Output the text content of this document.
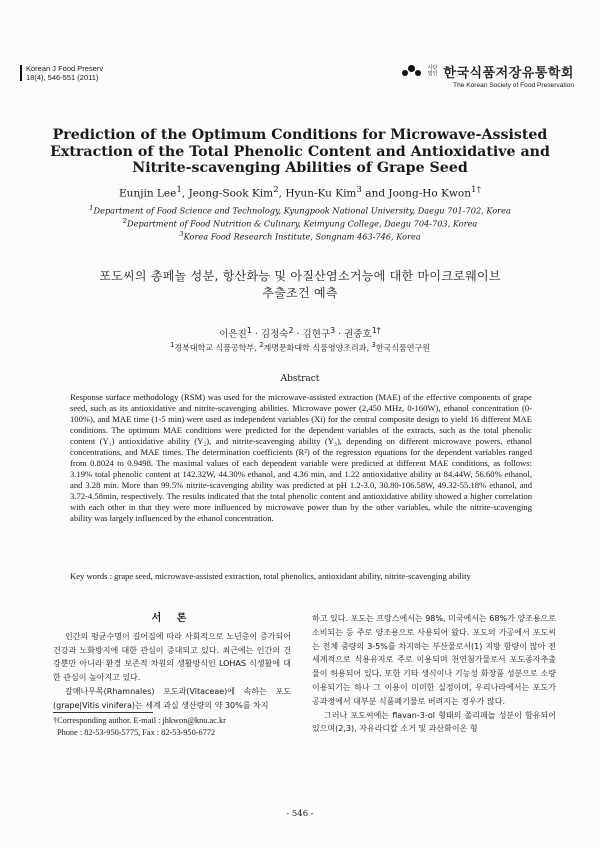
Korean J Food Preserv
18(4), 546-551 (2011)
사단
법인 한국식품저장유통학회
The Korean Society of Food Preservation
Prediction of the Optimum Conditions for Microwave-Assisted Extraction of the Total Phenolic Content and Antioxidative and Nitrite-scavenging Abilities of Grape Seed
Eunjin Lee$^1$, Jeong-Sook Kim$^2$, Hyun-Ku Kim$^3$ and Joong-Ho Kwon$^{1\dagger}$
$^1$Department of Food Science and Technology, Kyungpook National University, Daegu 701-702, Korea
$^2$Department of Food Nutrition & Culinary, Keimyung College, Daegu 704-703, Korea
$^3$Korea Food Research Institute, Songnam 463-746, Korea
포도씨의 총페놀 성분, 항산화능 및 아질산염소거능에 대한 마이크로웨이브
추출조건 예측
이은진$^1$ · 김정숙$^2$ · 김현구$^3$ · 권중호$^{1\dagger}$
$^1$경북대학교 식품공학부, $^2$계명문화대학 식품영양조리과, $^3$한국식품연구원
Abstract
Response surface methodology (RSM) was used for the microwave-assisted extraction (MAE) of the effective components of grape seed, such as its antioxidative and nitrite-scavenging abilities. Microwave power (2,450 MHz, 0-160W), ethanol concentration (0-100%), and MAE time (1-5 min) were used as independent variables (Xi) for the central composite design to yield 16 different MAE conditions. The optimum MAE conditions were predicted for the dependent variables of the extracts, such as the total phenolic content (Y₁) antioxidative ability (Y₂), and nitrite-scavenging ability (Y₃), depending on different microwave powers, ethanol concentrations, and MAE times. The determination coefficients (R²) of the regression equations for the dependent variables ranged from 0.8024 to 0.9498. The maximal values of each dependent variable were predicted at different MAE conditions, as follows: 3.19% total phenolic content at 142.32W, 44.30% ethanol, and 4.36 min, and 1.22 antioxidative ability at 84.44W, 56.60% ethanol, and 3.28 min. More than 99.5% nitrite-scavenging ability was predicted at pH 1.2-3.0, 30.80-106.58W, 49.32-55.18% ethanol, and 3.72-4.58min, respectively. The results indicated that the total phenolic content and antioxidative ability showed a higher correlation with each other in that they were more influenced by microwave power than by the other variables, while the nitrite-scavenging ability was largely influenced by the ethanol concentration.
Key words : grape seed, microwave-assisted extraction, total phenolics, antioxidant ability, nitrite-scavenging ability
서 론

인간의 평균수명이 길어짐에 따라 사회적으로 노년층이 증가되어 건강과 노화방지에 대한 관심이 증대되고 있다. 최근에는 인간의 건강뿐만 아니라 환경 보존적 차원의 생활방식인 LOHAS 식생활에 대한 관심이 높아지고 있다.

갈매나무목(Rhamnales) 포도과(Vitaceae)에 속하는 포도(grape|Vitis vinifera)는 세계 과실 생산량의 약 30%를 차지

하고 있다. 포도는 프랑스에서는 98%, 미국에서는 68%가 양조용으로 소비되는 등 주로 양조용으로 사용되어 왔다. 포도의 가공에서 포도씨는 전체 중량의 3-5%를 차지하는 부산물로서(1) 지방 함량이 많아 전 세계적으로 식용유지로 주로 이용되며 천연첨가물로서 포도종자추출물이 허용되어 있다. 또한 기타 생식이나 기능성 화장품 성분으로 소량 이용되기는 하나 그 이용이 미미한 실정이며, 우리나라에서는 포도가공과정에서 대부분 식품폐기물로 버려지는 경우가 많다.

그러나 포도씨에는 flavan-3-ol 형태의 폴리페놀 성분이 함유되어 있으며(2,3), 자유라디칼 소거 및 과산화이온 형

†Corresponding author. E-mail : jhkwon@knu.ac.kr
Phone : 82-53-950-5775, Fax : 82-53-950-6772
- 546 -
